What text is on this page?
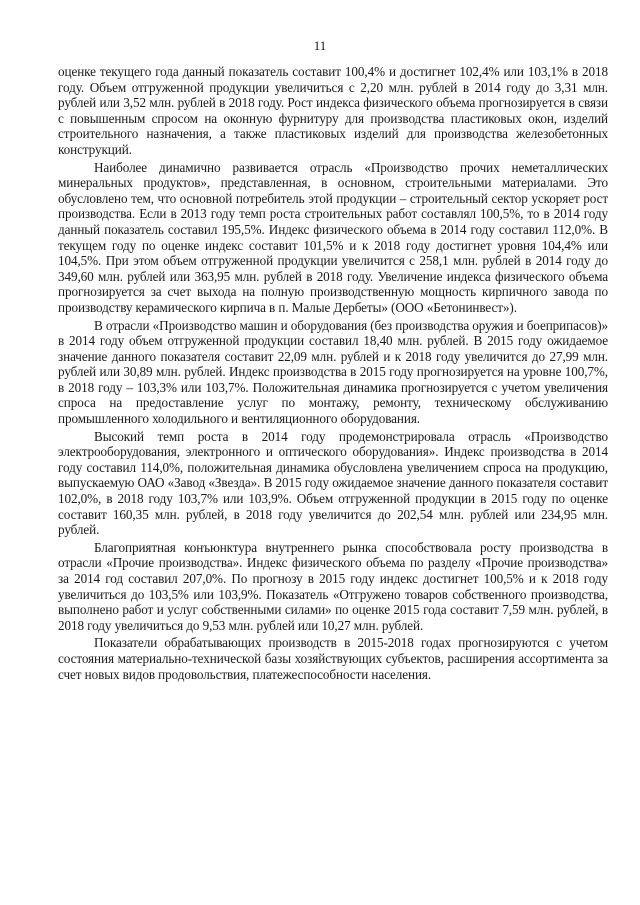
11

оценке текущего года данный показатель составит 100,4% и достигнет 102,4% или 103,1% в 2018 году. Объем отгруженной продукции увеличиться с 2,20 млн. рублей в 2014 году до 3,31 млн. рублей или 3,52 млн. рублей в 2018 году. Рост индекса физического объема прогнозируется в связи с повышенным спросом на оконную фурнитуру для производства пластиковых окон, изделий строительного назначения, а также пластиковых изделий для производства железобетонных конструкций.

Наиболее динамично развивается отрасль «Производство прочих неметаллических минеральных продуктов», представленная, в основном, строительными материалами. Это обусловлено тем, что основной потребитель этой продукции – строительный сектор ускоряет рост производства. Если в 2013 году темп роста строительных работ составлял 100,5%, то в 2014 году данный показатель составил 195,5%. Индекс физического объема в 2014 году составил 112,0%. В текущем году по оценке индекс составит 101,5% и к 2018 году достигнет уровня 104,4% или 104,5%. При этом объем отгруженной продукции увеличится с 258,1 млн. рублей в 2014 году до 349,60 млн. рублей или 363,95 млн. рублей в 2018 году. Увеличение индекса физического объема прогнозируется за счет выхода на полную производственную мощность кирпичного завода по производству керамического кирпича в п. Малые Дербеты» (ООО «Бетонинвест»).

В отрасли «Производство машин и оборудования (без производства оружия и боеприпасов)» в 2014 году объем отгруженной продукции составил 18,40 млн. рублей. В 2015 году ожидаемое значение данного показателя составит 22,09 млн. рублей и к 2018 году увеличится до 27,99 млн. рублей или 30,89 млн. рублей. Индекс производства в 2015 году прогнозируется на уровне 100,7%, в 2018 году – 103,3% или 103,7%. Положительная динамика прогнозируется с учетом увеличения спроса на предоставление услуг по монтажу, ремонту, техническому обслуживанию промышленного холодильного и вентиляционного оборудования.

Высокий темп роста в 2014 году продемонстрировала отрасль «Производство электрооборудования, электронного и оптического оборудования». Индекс производства в 2014 году составил 114,0%, положительная динамика обусловлена увеличением спроса на продукцию, выпускаемую ОАО «Завод «Звезда». В 2015 году ожидаемое значение данного показателя составит 102,0%, в 2018 году 103,7% или 103,9%. Объем отгруженной продукции в 2015 году по оценке составит 160,35 млн. рублей, в 2018 году увеличится до 202,54 млн. рублей или 234,95 млн. рублей.

Благоприятная конъюнктура внутреннего рынка способствовала росту производства в отрасли «Прочие производства». Индекс физического объема по разделу «Прочие производства» за 2014 год составил 207,0%. По прогнозу в 2015 году индекс достигнет 100,5% и к 2018 году увеличиться до 103,5% или 103,9%. Показатель «Отгружено товаров собственного производства, выполнено работ и услуг собственными силами» по оценке 2015 года составит 7,59 млн. рублей, в 2018 году увеличиться до 9,53 млн. рублей или 10,27 млн. рублей.

Показатели обрабатывающих производств в 2015-2018 годах прогнозируются с учетом состояния материально-технической базы хозяйствующих субъектов, расширения ассортимента за счет новых видов продовольствия, платежеспособности населения.
